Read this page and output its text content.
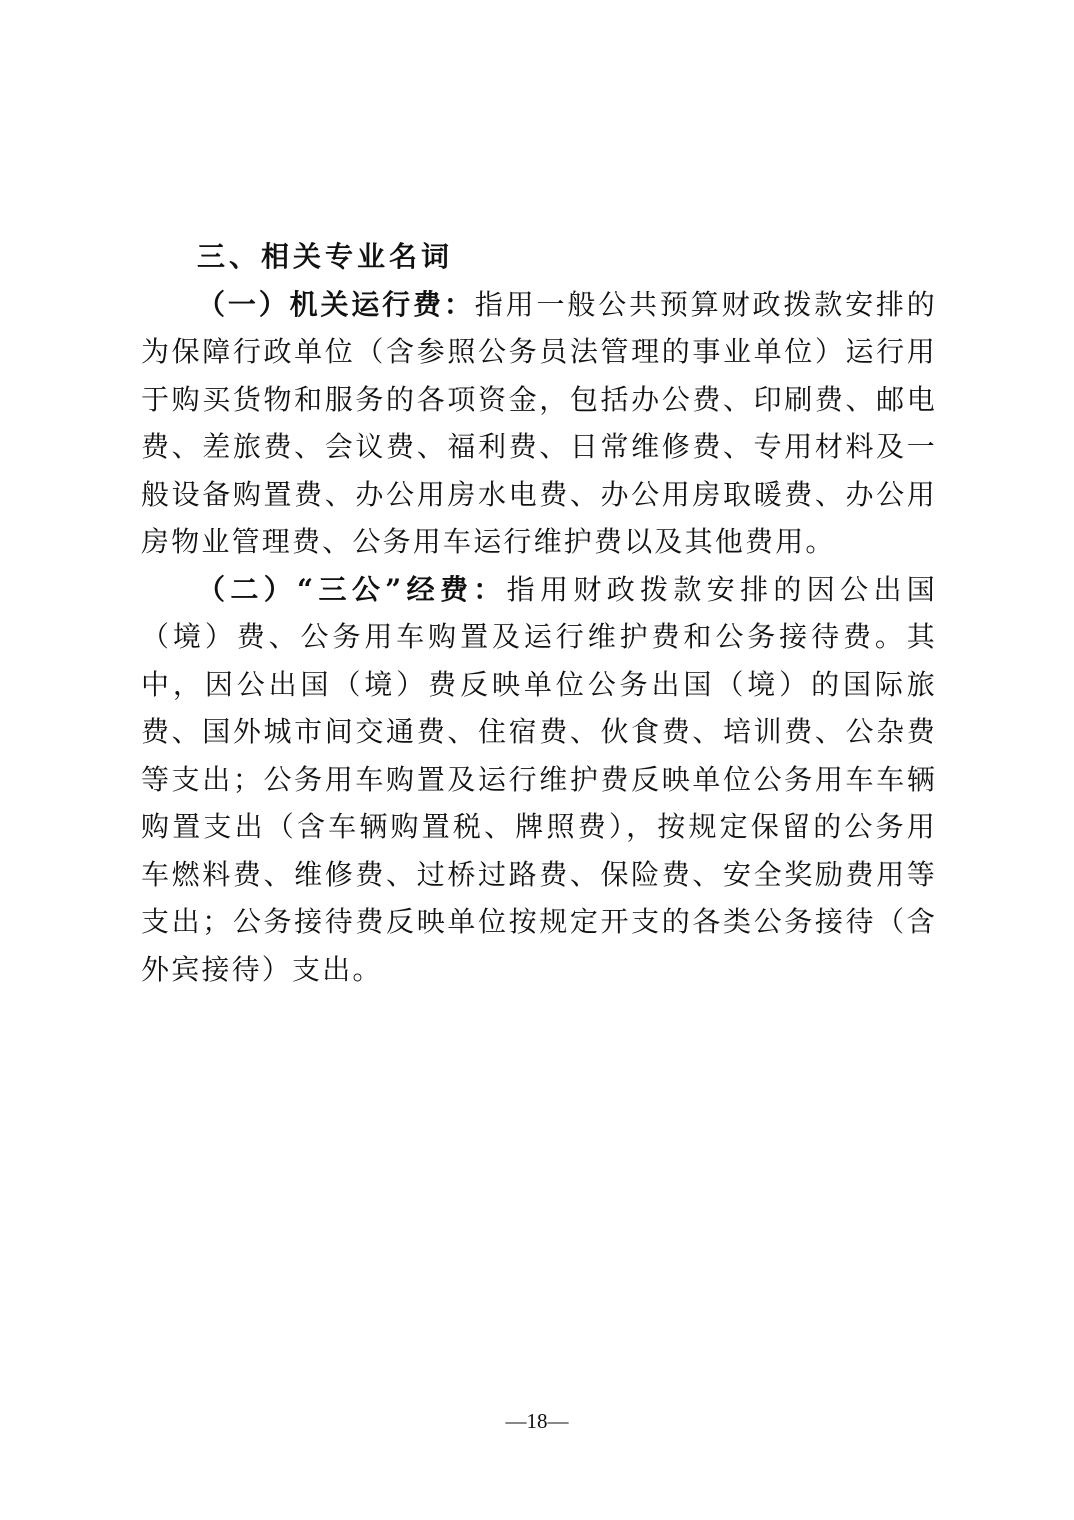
三、相关专业名词

（一）机关运行费：指用一般公共预算财政拨款安排的为保障行政单位（含参照公务员法管理的事业单位）运行用于购买货物和服务的各项资金，包括办公费、印刷费、邮电费、差旅费、会议费、福利费、日常维修费、专用材料及一般设备购置费、办公用房水电费、办公用房取暖费、办公用房物业管理费、公务用车运行维护费以及其他费用。

（二）“三公”经费：指用财政拨款安排的因公出国（境）费、公务用车购置及运行维护费和公务接待费。其中，因公出国（境）费反映单位公务出国（境）的国际旅费、国外城市间交通费、住宿费、伙食费、培训费、公杂费等支出；公务用车购置及运行维护费反映单位公务用车车辆购置支出（含车辆购置税、牌照费），按规定保留的公务用车燃料费、维修费、过桥过路费、保险费、安全奖励费用等支出；公务接待费反映单位按规定开支的各类公务接待（含外宾接待）支出。

—18—
